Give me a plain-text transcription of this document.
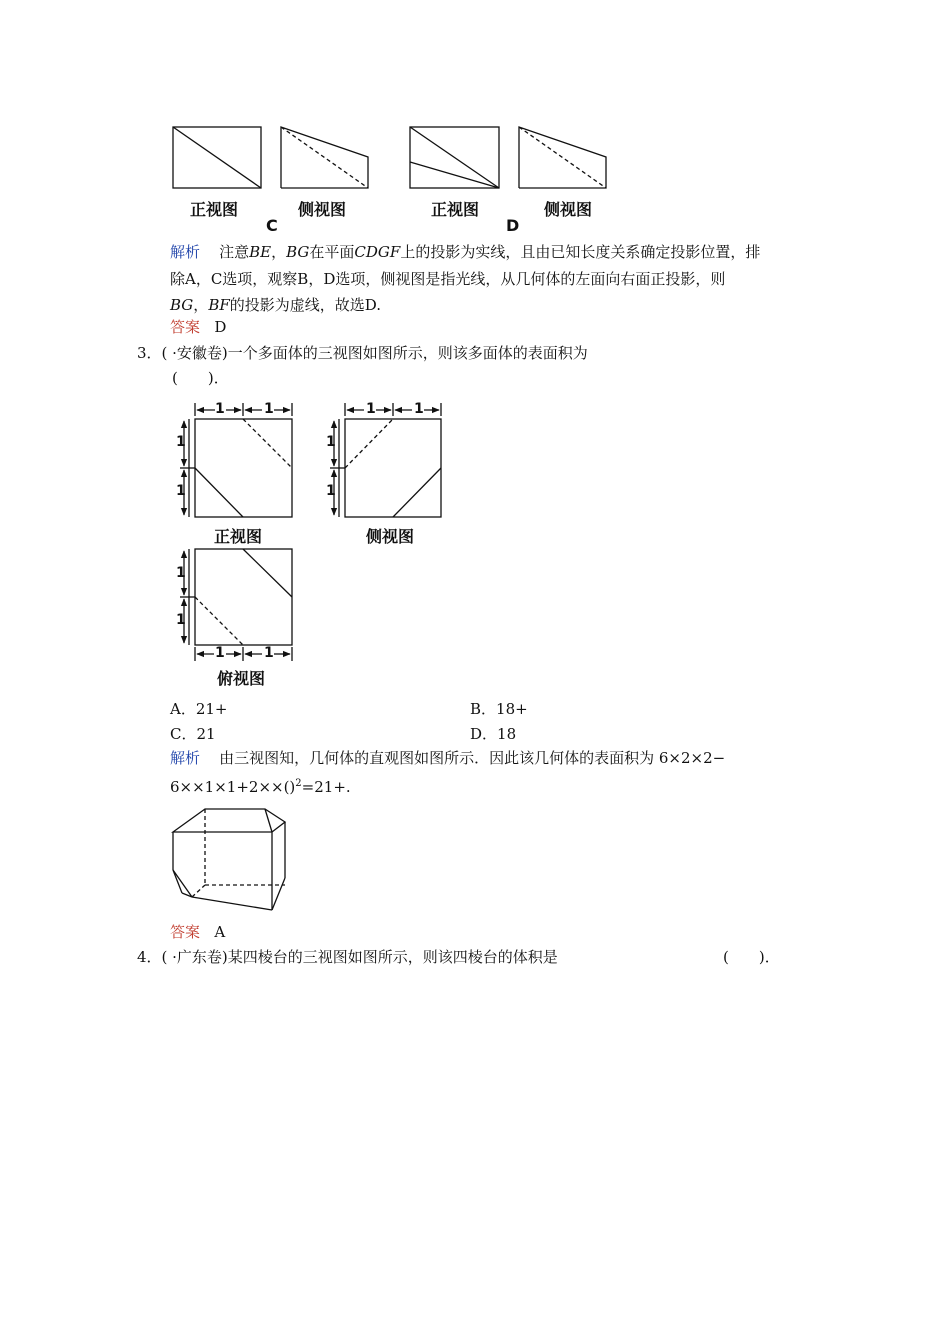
正视图	侧视图
C
正视图	侧视图
D
解析 注意BE，BG在平面CDGF上的投影为实线，且由已知长度关系确定投影位置，排
除A，C选项，观察B，D选项，侧视图是指光线，从几何体的左面向右面正投影，则
BG，BF的投影为虚线，故选D.
答案 D
3．( ·安徽卷)一个多面体的三视图如图所示，则该多面体的表面积为
(　　)．
1	1
1
1
1	1
1
1
1
1
1	1
正视图	侧视图
俯视图
A．21+	B．18+
C．21	D．18
解析 由三视图知，几何体的直观图如图所示．因此该几何体的表面积为 6×2×2−
6××1×1+2××()$^2$=21+.
答案 A
4．( ·广东卷)某四棱台的三视图如图所示，则该四棱台的体积是	(　　)．
